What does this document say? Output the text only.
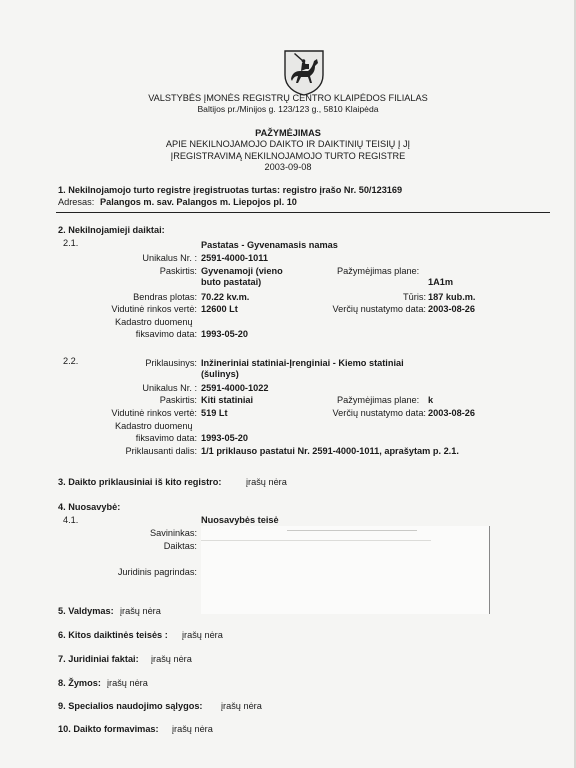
VALSTYBĖS ĮMONĖS REGISTRŲ CENTRO KLAIPĖDOS FILIALAS
Baltijos pr./Minijos g. 123/123 g., 5810 Klaipėda
PAŽYMĖJIMAS
APIE NEKILNOJAMOJO DAIKTO IR DAIKTINIŲ TEISIŲ Į JĮ
ĮREGISTRAVIMĄ NEKILNOJAMOJO TURTO REGISTRE
2003-09-08
1. Nekilnojamojo turto registre įregistruotas turtas: registro įrašo Nr. 50/123169
Adresas: Palangos m. sav. Palangos m. Liepojos pl. 10
2. Nekilnojamieji daiktai:
2.1.	Pastatas - Gyvenamasis namas
Unikalus Nr. : 2591-4000-1011
Paskirtis: Gyvenamoji (vieno
buto pastatai)
Pažymėjimas plane:
1A1m
Bendras plotas: 70.22 kv.m.	Tūris: 187 kub.m.
Vidutinė rinkos vertė: 12600 Lt	Verčių nustatymo data: 2003-08-26
Kadastro duomenų
fiksavimo data: 1993-05-20
2.2.	Priklausinys: Inžineriniai statiniai-Įrenginiai - Kiemo statiniai
(šulinys)
Unikalus Nr. : 2591-4000-1022
Paskirtis: Kiti statiniai	Pažymėjimas plane: k
Vidutinė rinkos vertė: 519 Lt	Verčių nustatymo data: 2003-08-26
Kadastro duomenų
fiksavimo data: 1993-05-20
Priklausanti dalis: 1/1 priklauso pastatui Nr. 2591-4000-1011, aprašytam p. 2.1.
3. Daikto priklausiniai iš kito registro:	įrašų nėra
4. Nuosavybė:
4.1.	Nuosavybės teisė
Savininkas:
Daiktas:
Juridinis pagrindas:
5. Valdymas: įrašų nėra
6. Kitos daiktinės teisės : įrašų nėra
7. Juridiniai faktai: įrašų nėra
8. Žymos: įrašų nėra
9. Specialios naudojimo sąlygos: įrašų nėra
10. Daikto formavimas: įrašų nėra
